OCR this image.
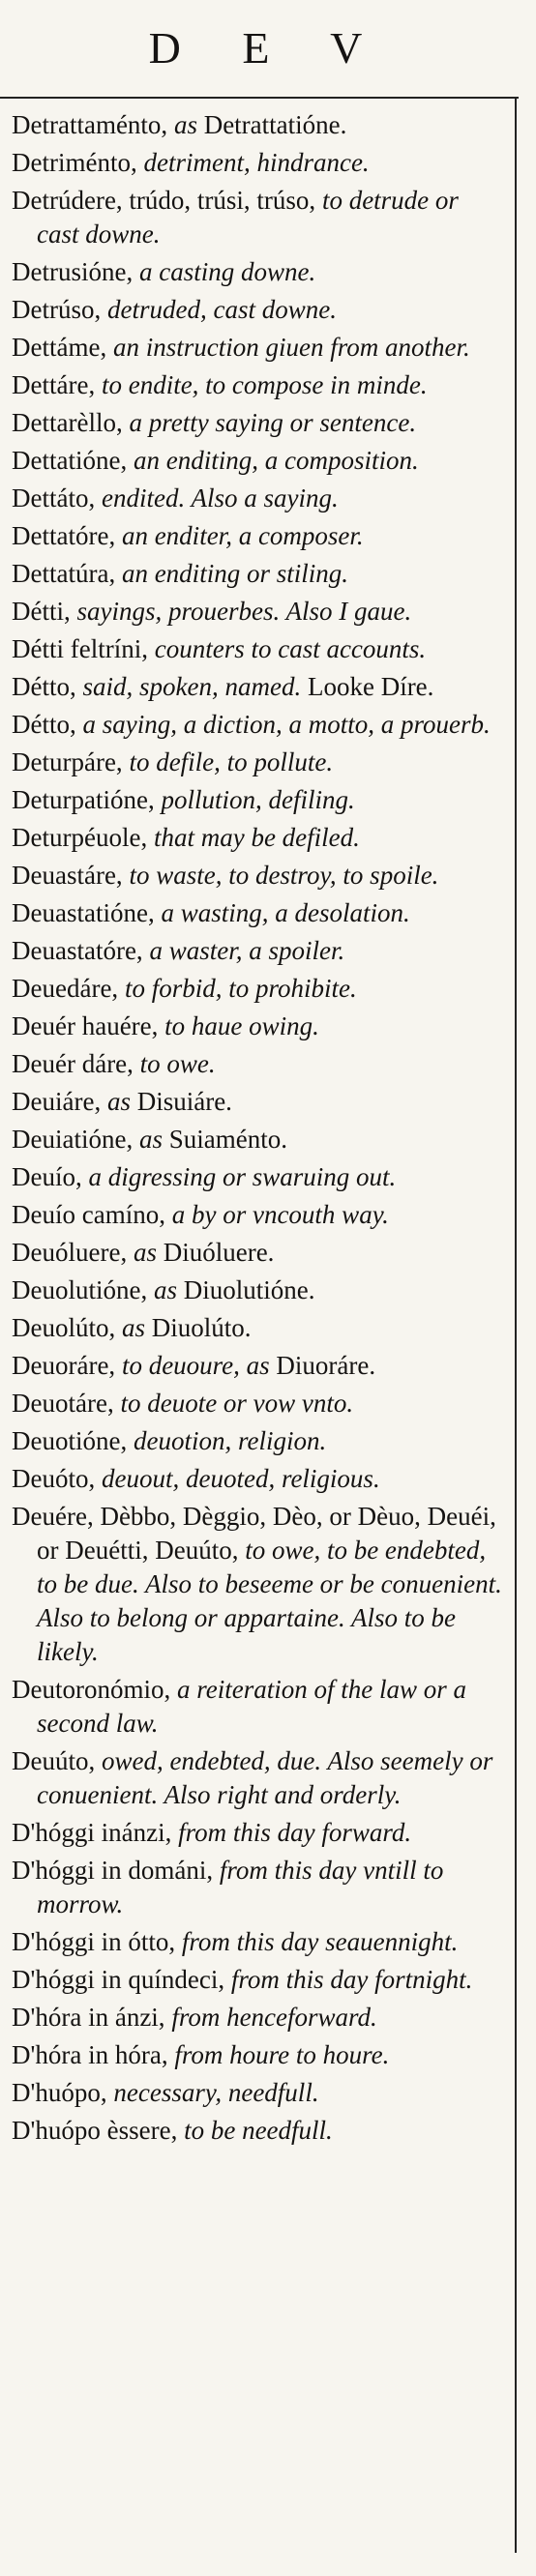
D E V
Detrattaménto, as Detrattatióne.
Detriménto, detriment, hindrance.
Detrúdere, trúdo, trúsi, trúso, to detrude or cast downe.
Detrusióne, a casting downe.
Detrúso, detruded, cast downe.
Dettáme, an instruction giuen from another.
Dettáre, to endite, to compose in minde.
Dettarèllo, a pretty saying or sentence.
Dettatióne, an enditing, a composition.
Dettáto, endited. Also a saying.
Dettatóre, an enditer, a composer.
Dettatúra, an enditing or stiling.
Détti, sayings, prouerbes. Also I gaue.
Détti feltríni, counters to cast accounts.
Détto, said, spoken, named. Looke Díre.
Détto, a saying, a diction, a motto, a prouerb.
Deturpáre, to defile, to pollute.
Deturpatióne, pollution, defiling.
Deturpéuole, that may be defiled.
Deuastáre, to waste, to destroy, to spoile.
Deuastatióne, a wasting, a desolation.
Deuastatóre, a waster, a spoiler.
Deuedáre, to forbid, to prohibite.
Deuér hauére, to haue owing.
Deuér dáre, to owe.
Deuiáre, as Disuiáre.
Deuiatióne, as Suiaménto.
Deuío, a digressing or swaruing out.
Deuío camíno, a by or vncouth way.
Deuóluere, as Diuóluere.
Deuolutióne, as Diuolutióne.
Deuolúto, as Diuolúto.
Deuoráre, to deuoure, as Diuoráre.
Deuotáre, to deuote or vow vnto.
Deuotióne, deuotion, religion.
Deuóto, deuout, deuoted, religious.
Deuére, Dèbbo, Dèggio, Dèo, or Dèuo, Deuéi, or Deuétti, Deuúto, to owe, to be endebted, to be due. Also to beseeme or be conuenient. Also to belong or appartaine. Also to be likely.
Deutoronómio, a reiteration of the law or a second law.
Deuúto, owed, endebted, due. Also seemely or conuenient. Also right and orderly.
D'hóggi inánzi, from this day forward.
D'hóggi in dománi, from this day vntill to morrow.
D'hóggi in ótto, from this day seauennight.
D'hóggi in quíndeci, from this day fortnight.
D'hóra in ánzi, from henceforward.
D'hóra in hóra, from houre to houre.
D'huópo, necessary, needfull.
D'huópo èssere, to be needfull.
